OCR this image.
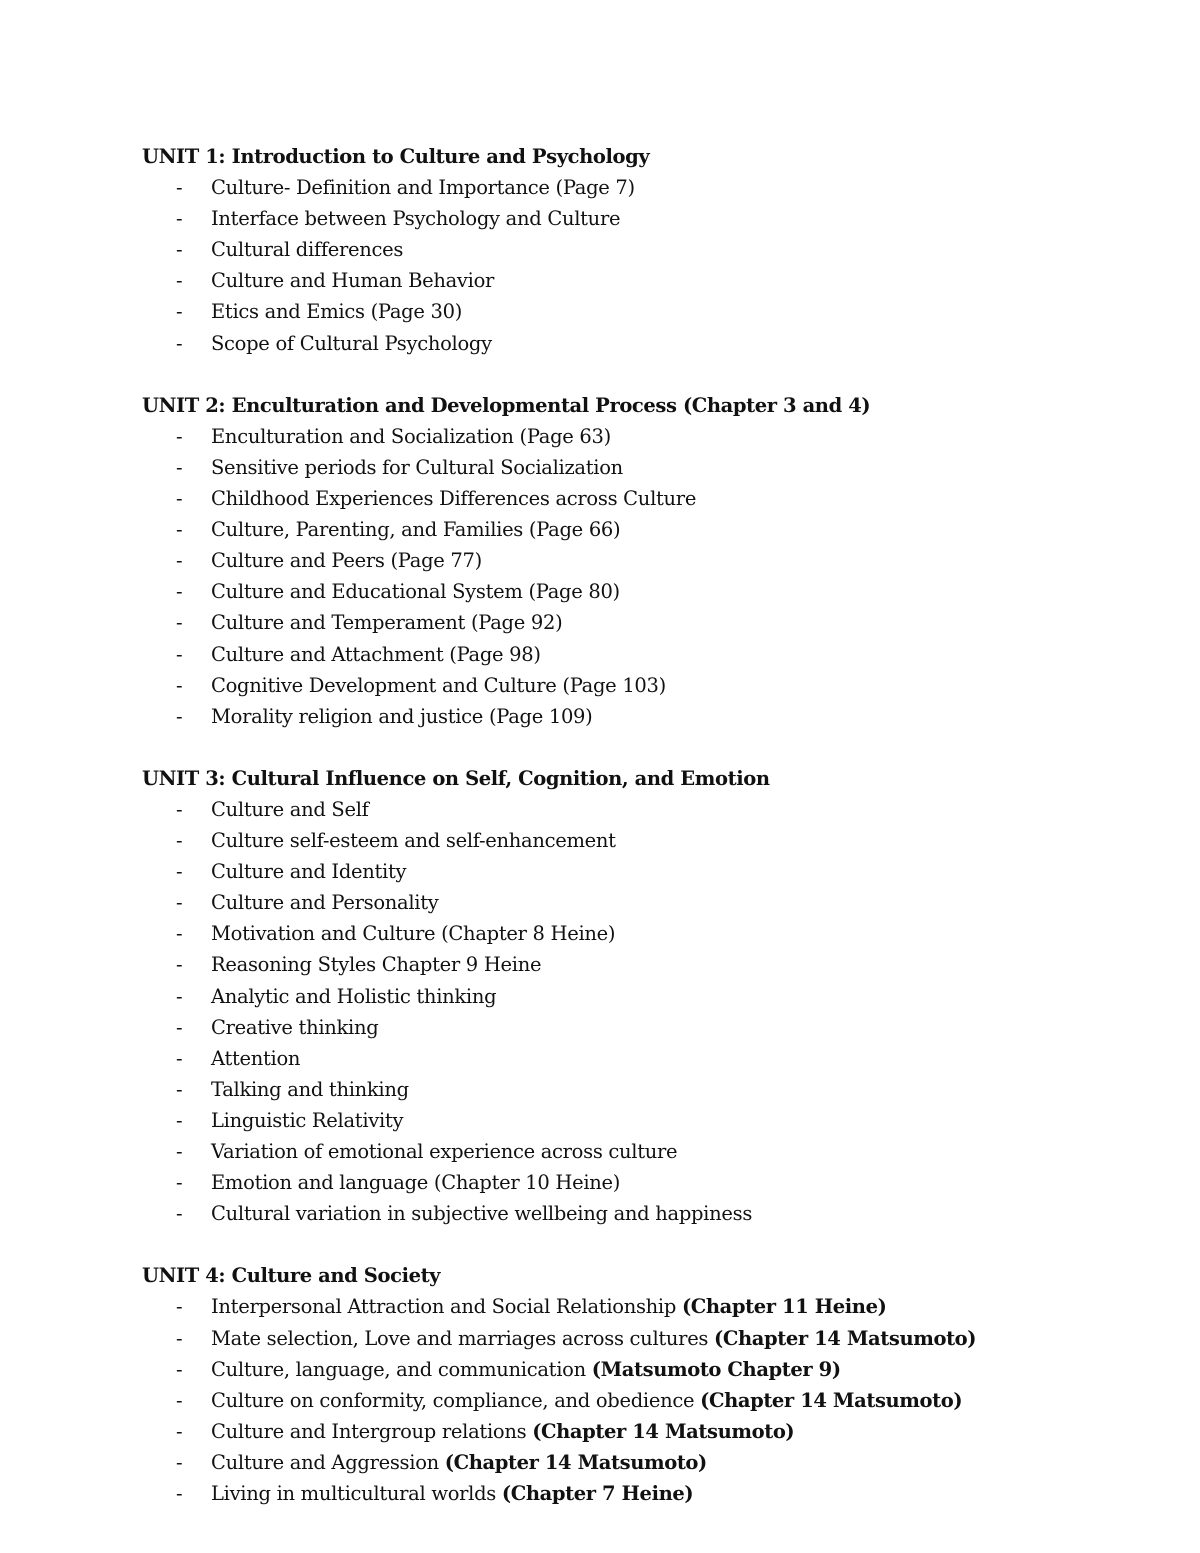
UNIT 1: Introduction to Culture and Psychology
- Culture- Definition and Importance (Page 7)
- Interface between Psychology and Culture
- Cultural differences
- Culture and Human Behavior
- Etics and Emics (Page 30)
- Scope of Cultural Psychology
UNIT 2: Enculturation and Developmental Process (Chapter 3 and 4)
- Enculturation and Socialization (Page 63)
- Sensitive periods for Cultural Socialization
- Childhood Experiences Differences across Culture
- Culture, Parenting, and Families (Page 66)
- Culture and Peers (Page 77)
- Culture and Educational System (Page 80)
- Culture and Temperament (Page 92)
- Culture and Attachment (Page 98)
- Cognitive Development and Culture (Page 103)
- Morality religion and justice (Page 109)
UNIT 3: Cultural Influence on Self, Cognition, and Emotion
- Culture and Self
- Culture self-esteem and self-enhancement
- Culture and Identity
- Culture and Personality
- Motivation and Culture (Chapter 8 Heine)
- Reasoning Styles Chapter 9 Heine
- Analytic and Holistic thinking
- Creative thinking
- Attention
- Talking and thinking
- Linguistic Relativity
- Variation of emotional experience across culture
- Emotion and language (Chapter 10 Heine)
- Cultural variation in subjective wellbeing and happiness
UNIT 4: Culture and Society
- Interpersonal Attraction and Social Relationship (Chapter 11 Heine)
- Mate selection, Love and marriages across cultures (Chapter 14 Matsumoto)
- Culture, language, and communication (Matsumoto Chapter 9)
- Culture on conformity, compliance, and obedience (Chapter 14 Matsumoto)
- Culture and Intergroup relations (Chapter 14 Matsumoto)
- Culture and Aggression (Chapter 14 Matsumoto)
- Living in multicultural worlds (Chapter 7 Heine)
